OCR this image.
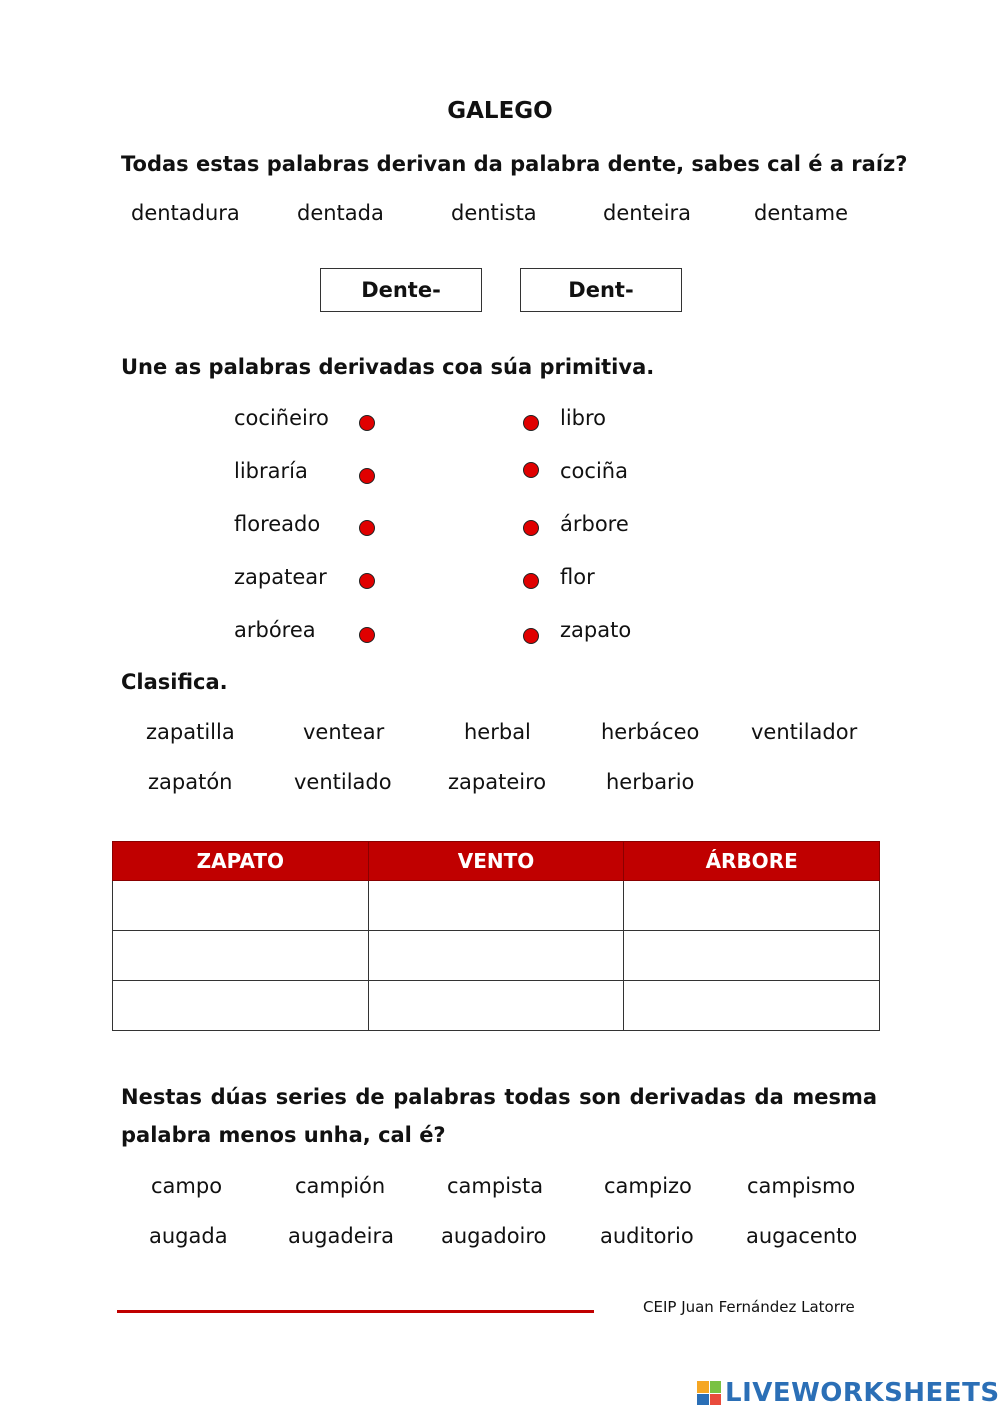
GALEGO
Todas estas palabras derivan da palabra dente, sabes cal é a raíz?
dentadura	dentada	dentista	denteira	dentame
Dente-	Dent-
Une as palabras derivadas coa súa primitiva.
cociñeiro
libraría
floreado
zapatear
arbórea
libro
cociña
árbore
flor
zapato
Clasifica.
zapatilla	ventear	herbal	herbáceo ventilador
zapatón	ventilado	zapateiro	herbario
ZAPATO	VENTO	ÁRBORE

Nestas dúas series de palabras todas son derivadas da mesma palabra menos unha, cal é?
campo	campión	campista	campizo	campismo
augada	augadeira augadoiro	auditorio augacento
CEIP Juan Fernández Latorre
LIVEWORKSHEETS
